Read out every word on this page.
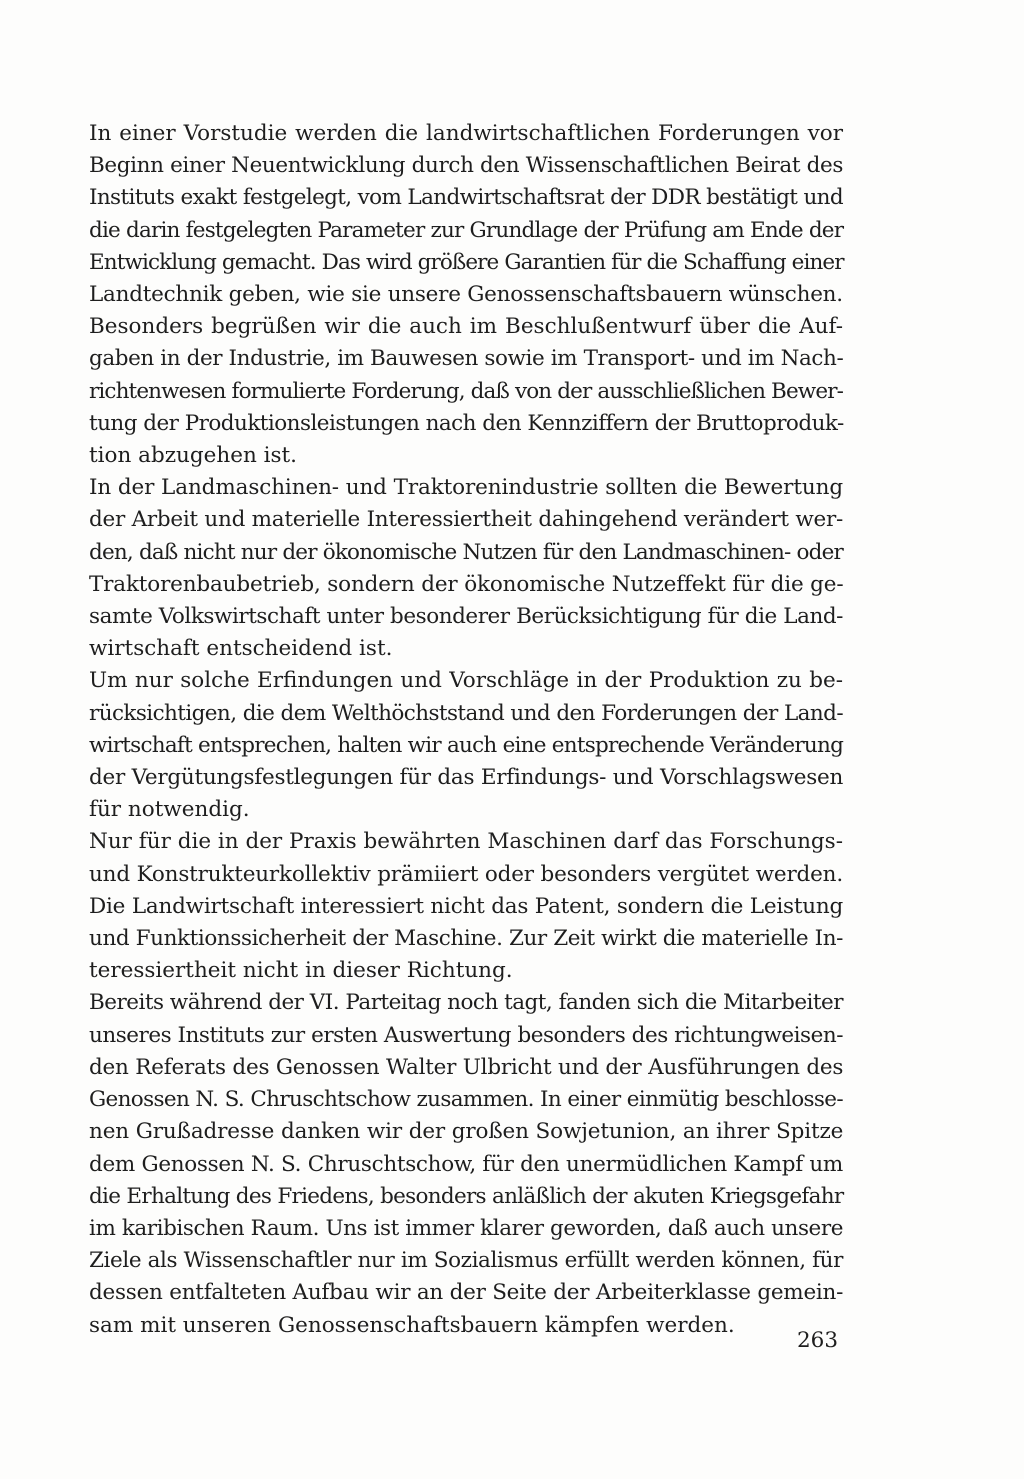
In einer Vorstudie werden die landwirtschaftlichen Forderungen vor
Beginn einer Neuentwicklung durch den Wissenschaftlichen Beirat des
Instituts exakt festgelegt, vom Landwirtschaftsrat der DDR bestätigt und
die darin festgelegten Parameter zur Grundlage der Prüfung am Ende der
Entwicklung gemacht. Das wird größere Garantien für die Schaffung einer
Landtechnik geben, wie sie unsere Genossenschaftsbauern wünschen.
Besonders begrüßen wir die auch im Beschlußentwurf über die Auf-
gaben in der Industrie, im Bauwesen sowie im Transport- und im Nach-
richtenwesen formulierte Forderung, daß von der ausschließlichen Bewer-
tung der Produktionsleistungen nach den Kennziffern der Bruttoproduk-
tion abzugehen ist.
In der Landmaschinen- und Traktorenindustrie sollten die Bewertung
der Arbeit und materielle Interessiertheit dahingehend verändert wer-
den, daß nicht nur der ökonomische Nutzen für den Landmaschinen- oder
Traktorenbaubetrieb, sondern der ökonomische Nutzeffekt für die ge-
samte Volkswirtschaft unter besonderer Berücksichtigung für die Land-
wirtschaft entscheidend ist.
Um nur solche Erfindungen und Vorschläge in der Produktion zu be-
rücksichtigen, die dem Welthöchststand und den Forderungen der Land-
wirtschaft entsprechen, halten wir auch eine entsprechende Veränderung
der Vergütungsfestlegungen für das Erfindungs- und Vorschlagswesen
für notwendig.
Nur für die in der Praxis bewährten Maschinen darf das Forschungs-
und Konstrukteurkollektiv prämiiert oder besonders vergütet werden.
Die Landwirtschaft interessiert nicht das Patent, sondern die Leistung
und Funktionssicherheit der Maschine. Zur Zeit wirkt die materielle In-
teressiertheit nicht in dieser Richtung.
Bereits während der VI. Parteitag noch tagt, fanden sich die Mitarbeiter
unseres Instituts zur ersten Auswertung besonders des richtungweisen-
den Referats des Genossen Walter Ulbricht und der Ausführungen des
Genossen N. S. Chruschtschow zusammen. In einer einmütig beschlosse-
nen Grußadresse danken wir der großen Sowjetunion, an ihrer Spitze
dem Genossen N. S. Chruschtschow, für den unermüdlichen Kampf um
die Erhaltung des Friedens, besonders anläßlich der akuten Kriegsgefahr
im karibischen Raum. Uns ist immer klarer geworden, daß auch unsere
Ziele als Wissenschaftler nur im Sozialismus erfüllt werden können, für
dessen entfalteten Aufbau wir an der Seite der Arbeiterklasse gemein-
sam mit unseren Genossenschaftsbauern kämpfen werden.
263
